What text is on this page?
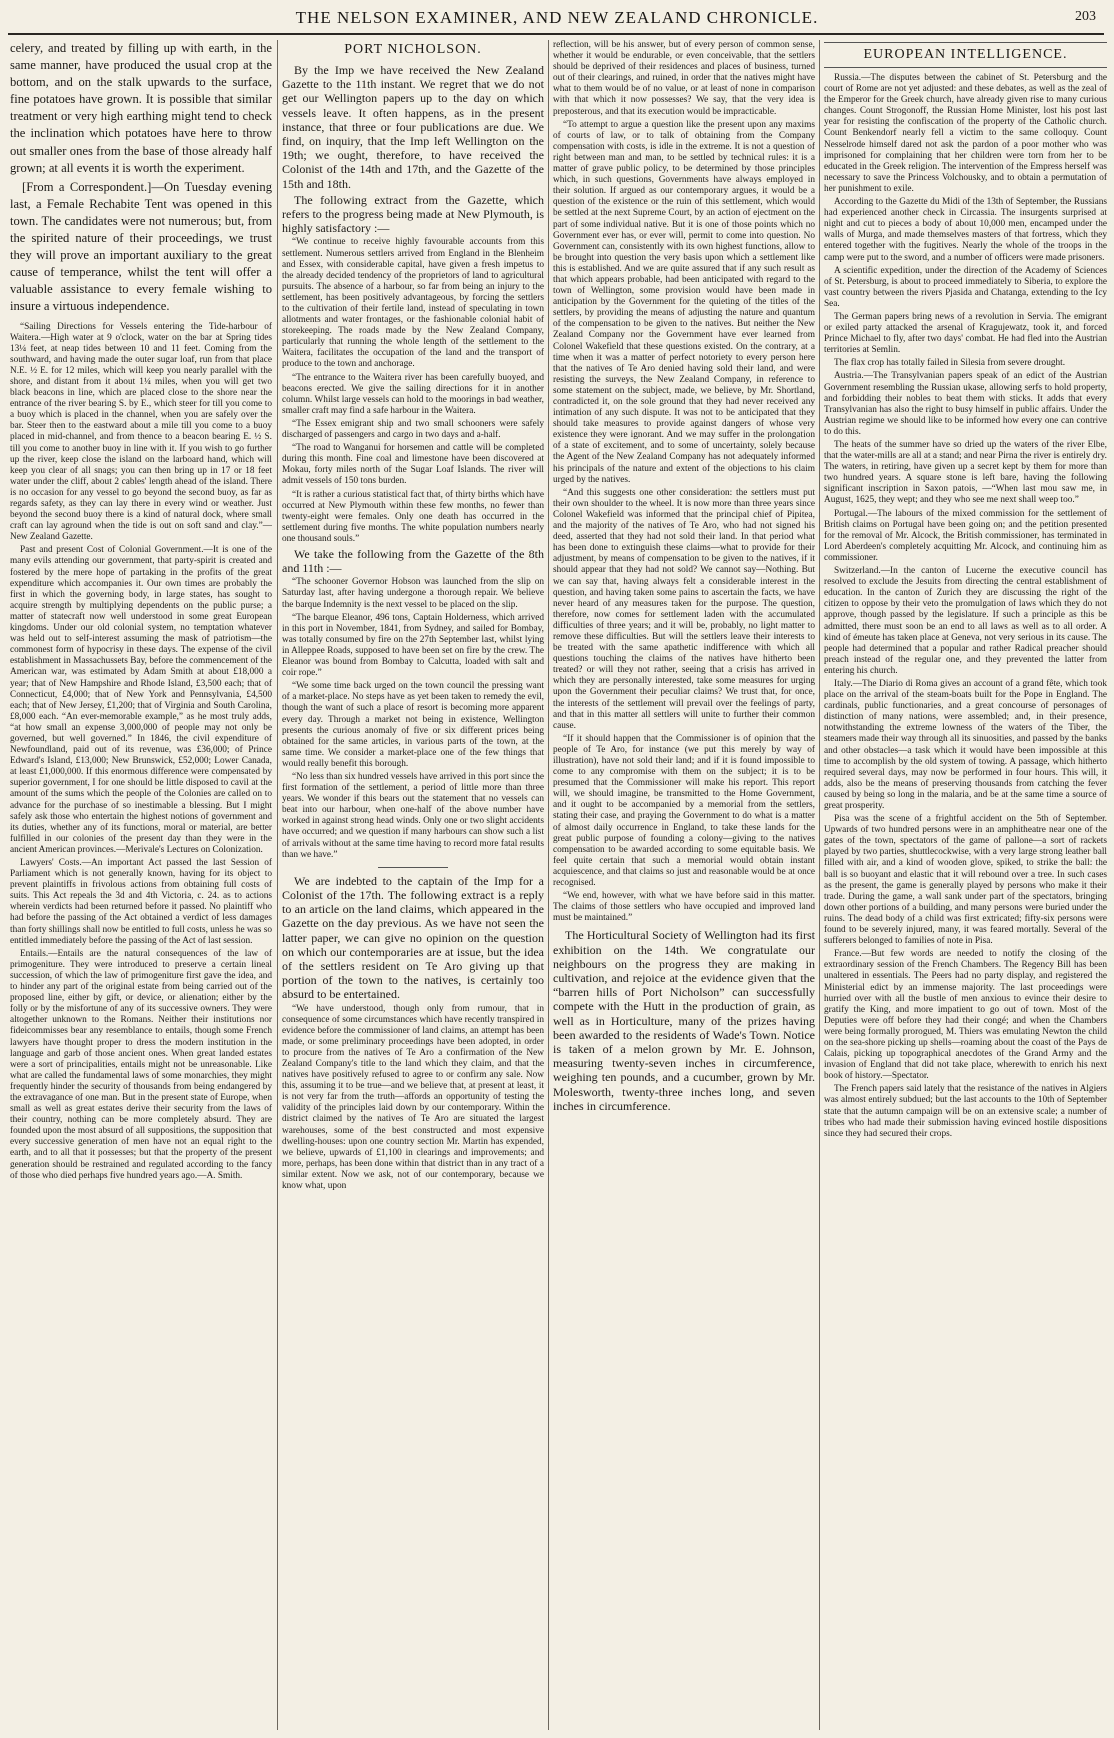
THE NELSON EXAMINER, AND NEW ZEALAND CHRONICLE.	203

celery, and treated by filling up with earth, in the same manner, have produced the usual crop at the bottom, and on the stalk upwards to the surface, fine potatoes have grown. It is possible that similar treatment or very high earthing might tend to check the inclination which potatoes have here to throw out smaller ones from the base of those already half grown; at all events it is worth the experiment.

[From a Correspondent.]—On Tuesday evening last, a Female Rechabite Tent was opened in this town. The candidates were not numerous; but, from the spirited nature of their proceedings, we trust they will prove an important auxiliary to the great cause of temperance, whilst the tent will offer a valuable assistance to every female wishing to insure a virtuous independence.

“Sailing Directions for Vessels entering the Tide-harbour of Waitera.—High water at 9 o'clock, water on the bar at Spring tides 13¼ feet, at neap tides between 10 and 11 feet. Coming from the southward, and having made the outer sugar loaf, run from that place N.E. ½ E. for 12 miles, which will keep you nearly parallel with the shore, and distant from it about 1¼ miles, when you will get two black beacons in line, which are placed close to the shore near the entrance of the river bearing S. by E., which steer for till you come to a buoy which is placed in the channel, when you are safely over the bar. Steer then to the eastward about a mile till you come to a buoy placed in mid-channel, and from thence to a beacon bearing E. ½ S. till you come to another buoy in line with it. If you wish to go further up the river, keep close the island on the larboard hand, which will keep you clear of all snags; you can then bring up in 17 or 18 feet water under the cliff, about 2 cables' length ahead of the island. There is no occasion for any vessel to go beyond the second buoy, as far as regards safety, as they can lay there in every wind or weather. Just beyond the second buoy there is a kind of natural dock, where small craft can lay aground when the tide is out on soft sand and clay.”—New Zealand Gazette.

Past and present Cost of Colonial Government.—It is one of the many evils attending our government, that party-spirit is created and fostered by the mere hope of partaking in the profits of the great expenditure which accompanies it. Our own times are probably the first in which the governing body, in large states, has sought to acquire strength by multiplying dependents on the public purse; a matter of statecraft now well understood in some great European kingdoms. Under our old colonial system, no temptation whatever was held out to self-interest assuming the mask of patriotism—the commonest form of hypocrisy in these days. The expense of the civil establishment in Massachussets Bay, before the commencement of the American war, was estimated by Adam Smith at about £18,000 a year; that of New Hampshire and Rhode Island, £3,500 each; that of Connecticut, £4,000; that of New York and Pennsylvania, £4,500 each; that of New Jersey, £1,200; that of Virginia and South Carolina, £8,000 each. “An ever-memorable example,” as he most truly adds, “at how small an expense 3,000,000 of people may not only be governed, but well governed.” In 1846, the civil expenditure of Newfoundland, paid out of its revenue, was £36,000; of Prince Edward's Island, £13,000; New Brunswick, £52,000; Lower Canada, at least £1,000,000. If this enormous difference were compensated by superior government, I for one should be little disposed to cavil at the amount of the sums which the people of the Colonies are called on to advance for the purchase of so inestimable a blessing. But I might safely ask those who entertain the highest notions of government and its duties, whether any of its functions, moral or material, are better fulfilled in our colonies of the present day than they were in the ancient American provinces.—Merivale's Lectures on Colonization.

Lawyers' Costs.—An important Act passed the last Session of Parliament which is not generally known, having for its object to prevent plaintiffs in frivolous actions from obtaining full costs of suits. This Act repeals the 3d and 4th Victoria, c. 24. as to actions wherein verdicts had been returned before it passed. No plaintiff who had before the passing of the Act obtained a verdict of less damages than forty shillings shall now be entitled to full costs, unless he was so entitled immediately before the passing of the Act of last session.

Entails.—Entails are the natural consequences of the law of primogeniture. They were introduced to preserve a certain lineal succession, of which the law of primogeniture first gave the idea, and to hinder any part of the original estate from being carried out of the proposed line, either by gift, or device, or alienation; either by the folly or by the misfortune of any of its successive owners. They were altogether unknown to the Romans. Neither their institutions nor fideicommisses bear any resemblance to entails, though some French lawyers have thought proper to dress the modern institution in the language and garb of those ancient ones. When great landed estates were a sort of principalities, entails might not be unreasonable. Like what are called the fundamental laws of some monarchies, they might frequently hinder the security of thousands from being endangered by the extravagance of one man. But in the present state of Europe, when small as well as great estates derive their security from the laws of their country, nothing can be more completely absurd. They are founded upon the most absurd of all suppositions, the supposition that every successive generation of men have not an equal right to the earth, and to all that it possesses; but that the property of the present generation should be restrained and regulated according to the fancy of those who died perhaps five hundred years ago.—A. Smith.

PORT NICHOLSON.

By the Imp we have received the New Zealand Gazette to the 11th instant. We regret that we do not get our Wellington papers up to the day on which vessels leave. It often happens, as in the present instance, that three or four publications are due. We find, on inquiry, that the Imp left Wellington on the 19th; we ought, therefore, to have received the Colonist of the 14th and 17th, and the Gazette of the 15th and 18th.

The following extract from the Gazette, which refers to the progress being made at New Plymouth, is highly satisfactory :—

“We continue to receive highly favourable accounts from this settlement. Numerous settlers arrived from England in the Blenheim and Essex, with considerable capital, have given a fresh impetus to the already decided tendency of the proprietors of land to agricultural pursuits. The absence of a harbour, so far from being an injury to the settlement, has been positively advantageous, by forcing the settlers to the cultivation of their fertile land, instead of speculating in town allotments and water frontages, or the fashionable colonial habit of storekeeping. The roads made by the New Zealand Company, particularly that running the whole length of the settlement to the Waitera, facilitates the occupation of the land and the transport of produce to the town and anchorage.

“The entrance to the Waitera river has been carefully buoyed, and beacons erected. We give the sailing directions for it in another column. Whilst large vessels can hold to the moorings in bad weather, smaller craft may find a safe harbour in the Waitera.

“The Essex emigrant ship and two small schooners were safely discharged of passengers and cargo in two days and a-half.

“The road to Wanganui for horsemen and cattle will be completed during this month. Fine coal and limestone have been discovered at Mokau, forty miles north of the Sugar Loaf Islands. The river will admit vessels of 150 tons burden.

“It is rather a curious statistical fact that, of thirty births which have occurred at New Plymouth within these few months, no fewer than twenty-eight were females. Only one death has occurred in the settlement during five months. The white population numbers nearly one thousand souls.”

We take the following from the Gazette of the 8th and 11th :—

“The schooner Governor Hobson was launched from the slip on Saturday last, after having undergone a thorough repair. We believe the barque Indemnity is the next vessel to be placed on the slip.

“The barque Eleanor, 496 tons, Captain Holderness, which arrived in this port in November, 1841, from Sydney, and sailed for Bombay, was totally consumed by fire on the 27th September last, whilst lying in Alleppee Roads, supposed to have been set on fire by the crew. The Eleanor was bound from Bombay to Calcutta, loaded with salt and coir rope.”

“We some time back urged on the town council the pressing want of a market-place. No steps have as yet been taken to remedy the evil, though the want of such a place of resort is becoming more apparent every day. Through a market not being in existence, Wellington presents the curious anomaly of five or six different prices being obtained for the same articles, in various parts of the town, at the same time. We consider a market-place one of the few things that would really benefit this borough.

“No less than six hundred vessels have arrived in this port since the first formation of the settlement, a period of little more than three years. We wonder if this bears out the statement that no vessels can beat into our harbour, when one-half of the above number have worked in against strong head winds. Only one or two slight accidents have occurred; and we question if many harbours can show such a list of arrivals without at the same time having to record more fatal results than we have.”

We are indebted to the captain of the Imp for a Colonist of the 17th. The following extract is a reply to an article on the land claims, which appeared in the Gazette on the day previous. As we have not seen the latter paper, we can give no opinion on the question on which our contemporaries are at issue, but the idea of the settlers resident on Te Aro giving up that portion of the town to the natives, is certainly too absurd to be entertained.

“We have understood, though only from rumour, that in consequence of some circumstances which have recently transpired in evidence before the commissioner of land claims, an attempt has been made, or some preliminary proceedings have been adopted, in order to procure from the natives of Te Aro a confirmation of the New Zealand Company's title to the land which they claim, and that the natives have positively refused to agree to or confirm any sale. Now this, assuming it to be true—and we believe that, at present at least, it is not very far from the truth—affords an opportunity of testing the validity of the principles laid down by our contemporary. Within the district claimed by the natives of Te Aro are situated the largest warehouses, some of the best constructed and most expensive dwelling-houses: upon one country section Mr. Martin has expended, we believe, upwards of £1,100 in clearings and improvements; and more, perhaps, has been done within that district than in any tract of a similar extent. Now we ask, not of our contemporary, because we know what, upon

reflection, will be his answer, but of every person of common sense, whether it would be endurable, or even conceivable, that the settlers should be deprived of their residences and places of business, turned out of their clearings, and ruined, in order that the natives might have what to them would be of no value, or at least of none in comparison with that which it now possesses? We say, that the very idea is preposterous, and that its execution would be impracticable.

“To attempt to argue a question like the present upon any maxims of courts of law, or to talk of obtaining from the Company compensation with costs, is idle in the extreme. It is not a question of right between man and man, to be settled by technical rules: it is a matter of grave public policy, to be determined by those principles which, in such questions, Governments have always employed in their solution. If argued as our contemporary argues, it would be a question of the existence or the ruin of this settlement, which would be settled at the next Supreme Court, by an action of ejectment on the part of some individual native. But it is one of those points which no Government ever has, or ever will, permit to come into question. No Government can, consistently with its own highest functions, allow to be brought into question the very basis upon which a settlement like this is established. And we are quite assured that if any such result as that which appears probable, had been anticipated with regard to the town of Wellington, some provision would have been made in anticipation by the Government for the quieting of the titles of the settlers, by providing the means of adjusting the nature and quantum of the compensation to be given to the natives. But neither the New Zealand Company nor the Government have ever learned from Colonel Wakefield that these questions existed. On the contrary, at a time when it was a matter of perfect notoriety to every person here that the natives of Te Aro denied having sold their land, and were resisting the surveys, the New Zealand Company, in reference to some statement on the subject, made, we believe, by Mr. Shortland, contradicted it, on the sole ground that they had never received any intimation of any such dispute. It was not to be anticipated that they should take measures to provide against dangers of whose very existence they were ignorant. And we may suffer in the prolongation of a state of excitement, and to some of uncertainty, solely because the Agent of the New Zealand Company has not adequately informed his principals of the nature and extent of the objections to his claim urged by the natives.

“And this suggests one other consideration: the settlers must put their own shoulder to the wheel. It is now more than three years since Colonel Wakefield was informed that the principal chief of Pipitea, and the majority of the natives of Te Aro, who had not signed his deed, asserted that they had not sold their land. In that period what has been done to extinguish these claims—what to provide for their adjustment, by means of compensation to be given to the natives, if it should appear that they had not sold? We cannot say—Nothing. But we can say that, having always felt a considerable interest in the question, and having taken some pains to ascertain the facts, we have never heard of any measures taken for the purpose. The question, therefore, now comes for settlement laden with the accumulated difficulties of three years; and it will be, probably, no light matter to remove these difficulties. But will the settlers leave their interests to be treated with the same apathetic indifference with which all questions touching the claims of the natives have hitherto been treated? or will they not rather, seeing that a crisis has arrived in which they are personally interested, take some measures for urging upon the Government their peculiar claims? We trust that, for once, the interests of the settlement will prevail over the feelings of party, and that in this matter all settlers will unite to further their common cause.

“If it should happen that the Commissioner is of opinion that the people of Te Aro, for instance (we put this merely by way of illustration), have not sold their land; and if it is found impossible to come to any compromise with them on the subject; it is to be presumed that the Commissioner will make his report. This report will, we should imagine, be transmitted to the Home Government, and it ought to be accompanied by a memorial from the settlers, stating their case, and praying the Government to do what is a matter of almost daily occurrence in England, to take these lands for the great public purpose of founding a colony—giving to the natives compensation to be awarded according to some equitable basis. We feel quite certain that such a memorial would obtain instant acquiescence, and that claims so just and reasonable would be at once recognised.

“We end, however, with what we have before said in this matter. The claims of those settlers who have occupied and improved land must be maintained.”

The Horticultural Society of Wellington had its first exhibition on the 14th. We congratulate our neighbours on the progress they are making in cultivation, and rejoice at the evidence given that the “barren hills of Port Nicholson” can successfully compete with the Hutt in the production of grain, as well as in Horticulture, many of the prizes having been awarded to the residents of Wade's Town. Notice is taken of a melon grown by Mr. E. Johnson, measuring twenty-seven inches in circumference, weighing ten pounds, and a cucumber, grown by Mr. Molesworth, twenty-three inches long, and seven inches in circumference.

EUROPEAN INTELLIGENCE.

Russia.—The disputes between the cabinet of St. Petersburg and the court of Rome are not yet adjusted: and these debates, as well as the zeal of the Emperor for the Greek church, have already given rise to many curious changes. Count Strogonoff, the Russian Home Minister, lost his post last year for resisting the confiscation of the property of the Catholic church. Count Benkendorf nearly fell a victim to the same colloquy. Count Nesselrode himself dared not ask the pardon of a poor mother who was imprisoned for complaining that her children were torn from her to be educated in the Greek religion. The intervention of the Empress herself was necessary to save the Princess Volchousky, and to obtain a permutation of her punishment to exile.

According to the Gazette du Midi of the 13th of September, the Russians had experienced another check in Circassia. The insurgents surprised at night and cut to pieces a body of about 10,000 men, encamped under the walls of Murga, and made themselves masters of that fortress, which they entered together with the fugitives. Nearly the whole of the troops in the camp were put to the sword, and a number of officers were made prisoners.

A scientific expedition, under the direction of the Academy of Sciences of St. Petersburg, is about to proceed immediately to Siberia, to explore the vast country between the rivers Pjasida and Chatanga, extending to the Icy Sea.

The German papers bring news of a revolution in Servia. The emigrant or exiled party attacked the arsenal of Kragujewatz, took it, and forced Prince Michael to fly, after two days' combat. He had fled into the Austrian territories at Semlin.

The flax crop has totally failed in Silesia from severe drought.

Austria.—The Transylvanian papers speak of an edict of the Austrian Government resembling the Russian ukase, allowing serfs to hold property, and forbidding their nobles to beat them with sticks. It adds that every Transylvanian has also the right to busy himself in public affairs. Under the Austrian regime we should like to be informed how every one can contrive to do this.

The heats of the summer have so dried up the waters of the river Elbe, that the water-mills are all at a stand; and near Pirna the river is entirely dry. The waters, in retiring, have given up a secret kept by them for more than two hundred years. A square stone is left bare, having the following significant inscription in Saxon patois, —“When last mou saw me, in August, 1625, they wept; and they who see me next shall weep too.”

Portugal.—The labours of the mixed commission for the settlement of British claims on Portugal have been going on; and the petition presented for the removal of Mr. Alcock, the British commissioner, has terminated in Lord Aberdeen's completely acquitting Mr. Alcock, and continuing him as commissioner.

Switzerland.—In the canton of Lucerne the executive council has resolved to exclude the Jesuits from directing the central establishment of education. In the canton of Zurich they are discussing the right of the citizen to oppose by their veto the promulgation of laws which they do not approve, though passed by the legislature. If such a principle as this be admitted, there must soon be an end to all laws as well as to all order. A kind of émeute has taken place at Geneva, not very serious in its cause. The people had determined that a popular and rather Radical preacher should preach instead of the regular one, and they prevented the latter from entering his church.

Italy.—The Diario di Roma gives an account of a grand fête, which took place on the arrival of the steam-boats built for the Pope in England. The cardinals, public functionaries, and a great concourse of personages of distinction of many nations, were assembled; and, in their presence, notwithstanding the extreme lowness of the waters of the Tiber, the steamers made their way through all its sinuosities, and passed by the banks and other obstacles—a task which it would have been impossible at this time to accomplish by the old system of towing. A passage, which hitherto required several days, may now be performed in four hours. This will, it adds, also be the means of preserving thousands from catching the fever caused by being so long in the malaria, and be at the same time a source of great prosperity.

Pisa was the scene of a frightful accident on the 5th of September. Upwards of two hundred persons were in an amphitheatre near one of the gates of the town, spectators of the game of pallone—a sort of rackets played by two parties, shuttlecockwise, with a very large strong leather ball filled with air, and a kind of wooden glove, spiked, to strike the ball: the ball is so buoyant and elastic that it will rebound over a tree. In such cases as the present, the game is generally played by persons who make it their trade. During the game, a wall sank under part of the spectators, bringing down other portions of a building, and many persons were buried under the ruins. The dead body of a child was first extricated; fifty-six persons were found to be severely injured, many, it was feared mortally. Several of the sufferers belonged to families of note in Pisa.

France.—But few words are needed to notify the closing of the extraordinary session of the French Chambers. The Regency Bill has been unaltered in essentials. The Peers had no party display, and registered the Ministerial edict by an immense majority. The last proceedings were hurried over with all the bustle of men anxious to evince their desire to gratify the King, and more impatient to go out of town. Most of the Deputies were off before they had their congé; and when the Chambers were being formally prorogued, M. Thiers was emulating Newton the child on the sea-shore picking up shells—roaming about the coast of the Pays de Calais, picking up topographical anecdotes of the Grand Army and the invasion of England that did not take place, wherewith to enrich his next book of history.—Spectator.

The French papers said lately that the resistance of the natives in Algiers was almost entirely subdued; but the last accounts to the 10th of September state that the autumn campaign will be on an extensive scale; a number of tribes who had made their submission having evinced hostile dispositions since they had secured their crops.
